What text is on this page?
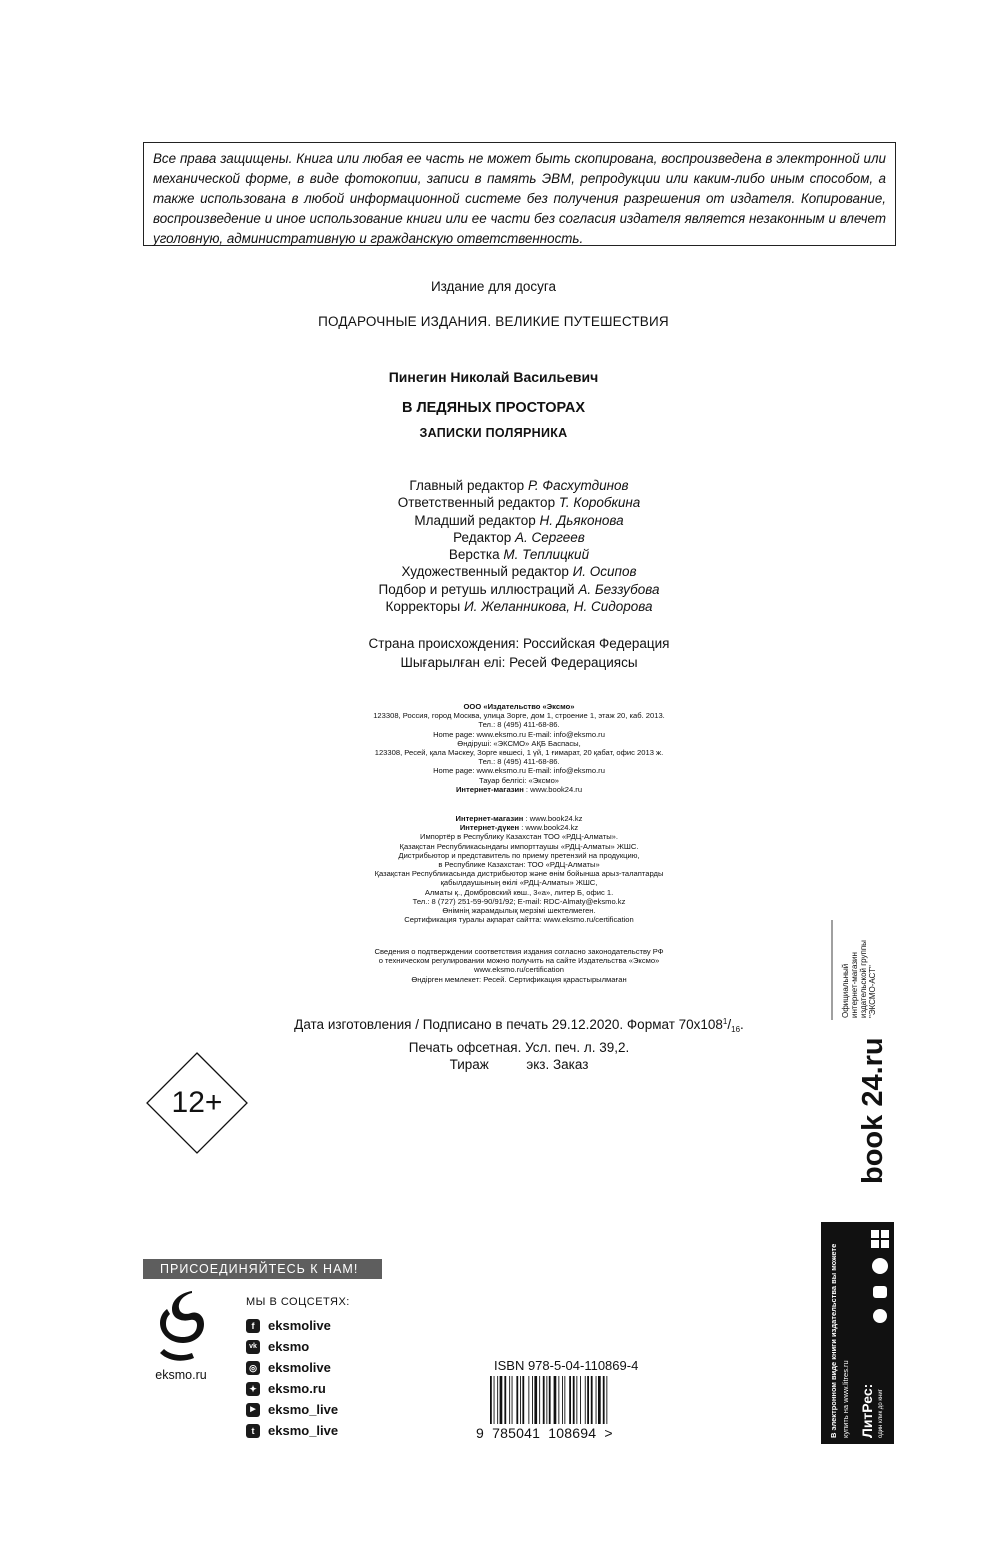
Все права защищены. Книга или любая ее часть не может быть скопирована, воспроизведена в электронной или механической форме, в виде фотокопии, записи в память ЭВМ, репродукции или каким-либо иным способом, а также использована в любой информационной системе без получения разрешения от издателя. Копирование, воспроизведение и иное использование книги или ее части без согласия издателя является незаконным и влечет уголовную, административную и гражданскую ответственность.
Издание для досуга
ПОДАРОЧНЫЕ ИЗДАНИЯ. ВЕЛИКИЕ ПУТЕШЕСТВИЯ
Пинегин Николай Васильевич
В ЛЕДЯНЫХ ПРОСТОРАХ
ЗАПИСКИ ПОЛЯРНИКА
Главный редактор Р. Фасхутдинов
Ответственный редактор Т. Коробкина
Младший редактор Н. Дьяконова
Редактор А. Сергеев
Верстка М. Теплицкий
Художественный редактор И. Осипов
Подбор и ретушь иллюстраций А. Беззубова
Корректоры И. Желанникова, Н. Сидорова
Страна происхождения: Российская Федерация
Шығарылған елі: Ресей Федерациясы
ООО «Издательство «Эксмо»
123308, Россия, город Москва, улица Зорге, дом 1, строение 1, этаж 20, каб. 2013.
Тел.: 8 (495) 411-68-86.
Home page: www.eksmo.ru E-mail: info@eksmo.ru
Өндіруші: «ЭКСМО» АҚБ Баспасы,
123308, Ресей, қала Мәскеу, Зорге көшесі, 1 үй, 1 ғимарат, 20 қабат, офис 2013 ж.
Тел.: 8 (495) 411-68-86.
Home page: www.eksmo.ru E-mail: info@eksmo.ru
Тауар белгісі: «Эксмо»
Интернет-магазин : www.book24.ru
Интернет-магазин : www.book24.kz
Интернет-дүкен : www.book24.kz
Импортёр в Республику Казахстан ТОО «РДЦ-Алматы».
Қазақстан Республикасындағы импорттаушы «РДЦ-Алматы» ЖШС.
Дистрибьютор и представитель по приему претензий на продукцию,
в Республике Казахстан: ТОО «РДЦ-Алматы»
Қазақстан Республикасында дистрибьютор және өнім бойынша арыз-талаптарды
қабылдаушының өкілі «РДЦ-Алматы» ЖШС,
Алматы қ., Домбровский көш., 3«а», литер Б, офис 1.
Тел.: 8 (727) 251-59-90/91/92; E-mail: RDC-Almaty@eksmo.kz
Өнімнің жарамдылық мерзімі шектелмеген.
Сертификация туралы ақпарат сайтта: www.eksmo.ru/certification
Сведения о подтверждении соответствия издания согласно законодательству РФ
о техническом регулировании можно получить на сайте Издательства «Эксмо»
www.eksmo.ru/certification
Өндірген мемлекет: Ресей. Сертификация қарастырылмаған
Дата изготовления / Подписано в печать 29.12.2020. Формат $70х108^1/_{16}$.
Печать офсетная. Усл. печ. л. 39,2.
Тираж          экз. Заказ
12+
ПРИСОЕДИНЯЙТЕСЬ К НАМ!
eksmo.ru
МЫ В СОЦСЕТЯХ:
f	eksmolive
vk eksmo
◎ eksmolive
✦ eksmo.ru
▶ eksmo_live
t	eksmo_live
ISBN 978-5-04-110869-4
9  785041  108694  >
book 24.ru
Официальный интернет-магазин издательской группы "ЭКСМО-АСТ"
В электронном виде книги издательства вы можете купить на www.litres.ru ЛитРес: один клик до книг
